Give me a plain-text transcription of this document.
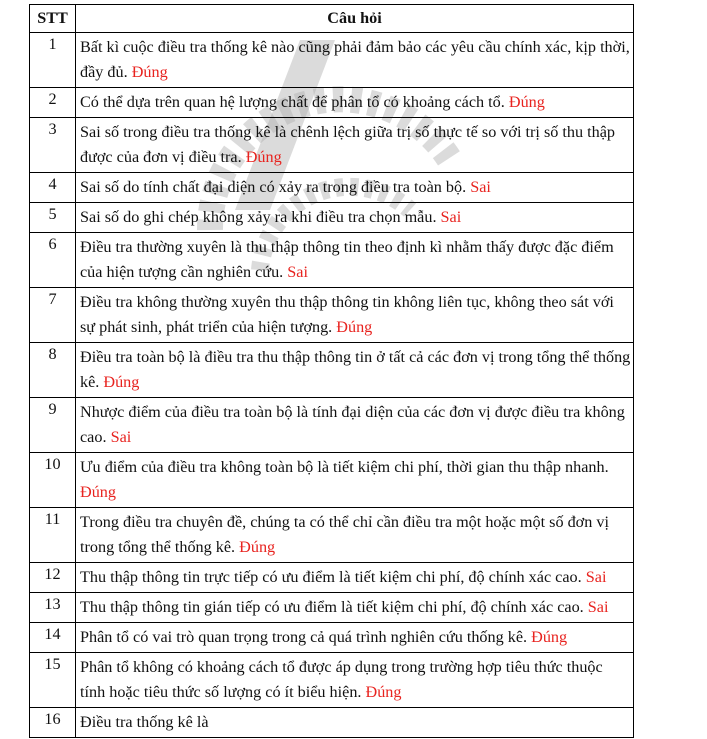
STT	Câu hỏi
1	Bất kì cuộc điều tra thống kê nào cũng phải đảm bảo các yêu cầu chính xác, kịp thời, đầy đủ. Đúng
2	Có thể dựa trên quan hệ lượng chất để phân tổ có khoảng cách tổ. Đúng
3	Sai số trong điều tra thống kê là chênh lệch giữa trị số thực tế so với trị số thu thập được của đơn vị điều tra. Đúng
4	Sai số do tính chất đại diện có xảy ra trong điều tra toàn bộ. Sai
5	Sai số do ghi chép không xảy ra khi điều tra chọn mẫu. Sai
6	Điều tra thường xuyên là thu thập thông tin theo định kì nhằm thấy được đặc điểm của hiện tượng cần nghiên cứu. Sai
7	Điều tra không thường xuyên thu thập thông tin không liên tục, không theo sát với sự phát sinh, phát triển của hiện tượng. Đúng
8	Điều tra toàn bộ là điều tra thu thập thông tin ở tất cả các đơn vị trong tổng thể thống kê. Đúng
9	Nhược điểm của điều tra toàn bộ là tính đại diện của các đơn vị được điều tra không cao. Sai
10	Ưu điểm của điều tra không toàn bộ là tiết kiệm chi phí, thời gian thu thập nhanh. Đúng
11	Trong điều tra chuyên đề, chúng ta có thể chỉ cần điều tra một hoặc một số đơn vị trong tổng thể thống kê. Đúng
12	Thu thập thông tin trực tiếp có ưu điểm là tiết kiệm chi phí, độ chính xác cao. Sai
13	Thu thập thông tin gián tiếp có ưu điểm là tiết kiệm chi phí, độ chính xác cao. Sai
14	Phân tổ có vai trò quan trọng trong cả quá trình nghiên cứu thống kê. Đúng
15	Phân tổ không có khoảng cách tổ được áp dụng trong trường hợp tiêu thức thuộc tính hoặc tiêu thức số lượng có ít biểu hiện. Đúng
16	Điều tra thống kê là
